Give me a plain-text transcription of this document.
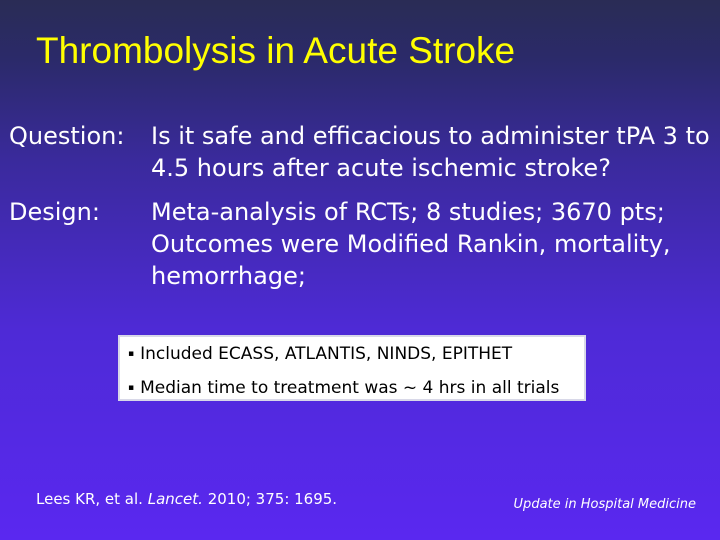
Thrombolysis in Acute Stroke
Question: Is it safe and efficacious to administer tPA 3 to 4.5 hours after acute ischemic stroke?
Design: Meta-analysis of RCTs; 8 studies; 3670 pts; Outcomes were Modified Rankin, mortality, hemorrhage;
▪ Included ECASS, ATLANTIS, NINDS, EPITHET
▪ Median time to treatment was ~ 4 hrs in all trials
Lees KR, et al. Lancet. 2010; 375: 1695.	Update in Hospital Medicine
